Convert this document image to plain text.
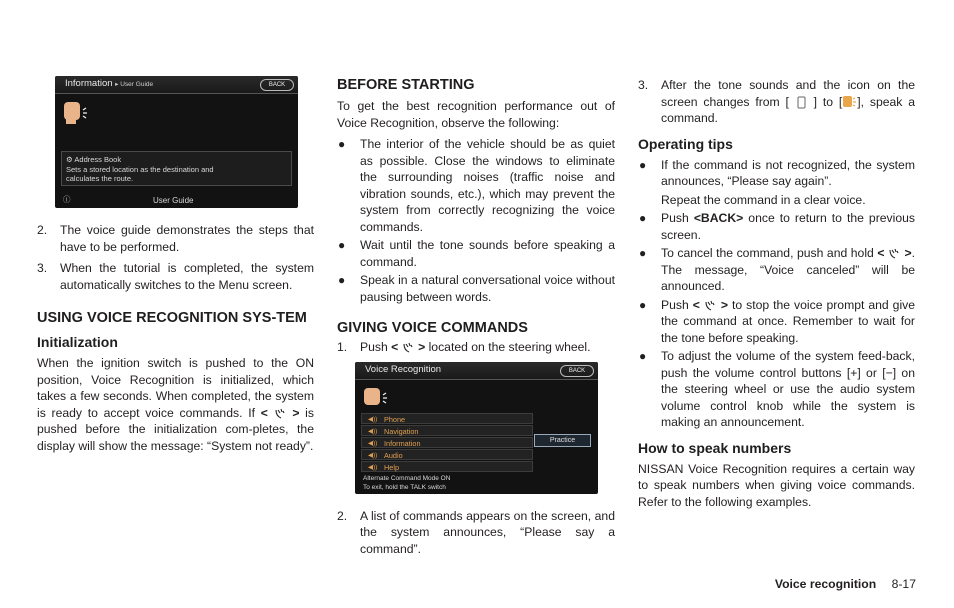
Information ▸ User Guide	BACK
⚙ Address Book
Sets a stored location as the destination and
calculates the route.
ⓘ	User Guide
2. The voice guide demonstrates the steps that have to be performed.
3. When the tutorial is completed, the system automatically switches to the Menu screen.
USING VOICE RECOGNITION SYS-TEM
Initialization

When the ignition switch is pushed to the ON position, Voice Recognition is initialized, which takes a few seconds. When completed, the system is ready to accept voice commands. If < > is pushed before the initialization com-pletes, the display will show the message: “System not ready”.

BEFORE STARTING

To get the best recognition performance out of Voice Recognition, observe the following:

● The interior of the vehicle should be as quiet as possible. Close the windows to eliminate the surrounding noises (traffic noise and vibration sounds, etc.), which may prevent the system from correctly recognizing the voice commands.
● Wait until the tone sounds before speaking a command.
● Speak in a natural conversational voice without pausing between words.
GIVING VOICE COMMANDS
1. Push < > located on the steering wheel.
Voice Recognition	BACK
◀)) Phone
◀)) Navigation
◀)) Information
◀)) Audio
◀)) Help
Practice
Alternate Command Mode ON
To exit, hold the TALK switch
2. A list of commands appears on the screen, and the system announces, “Please say a command”.
3. After the tone sounds and the icon on the screen changes from [ ] to [ ], speak a command.
Operating tips
● If the command is not recognized, the system announces, “Please say again”.
Repeat the command in a clear voice.
● Push <BACK> once to return to the previous screen.
● To cancel the command, push and hold < >. The message, “Voice canceled” will be announced.
● Push < > to stop the voice prompt and give the command at once. Remember to wait for the tone before speaking.
● To adjust the volume of the system feed-back, push the volume control buttons [+] or [−] on the steering wheel or use the audio system volume control knob while the system is making an announcement.
How to speak numbers

NISSAN Voice Recognition requires a certain way to speak numbers when giving voice commands. Refer to the following examples.

Voice recognition 8-17
